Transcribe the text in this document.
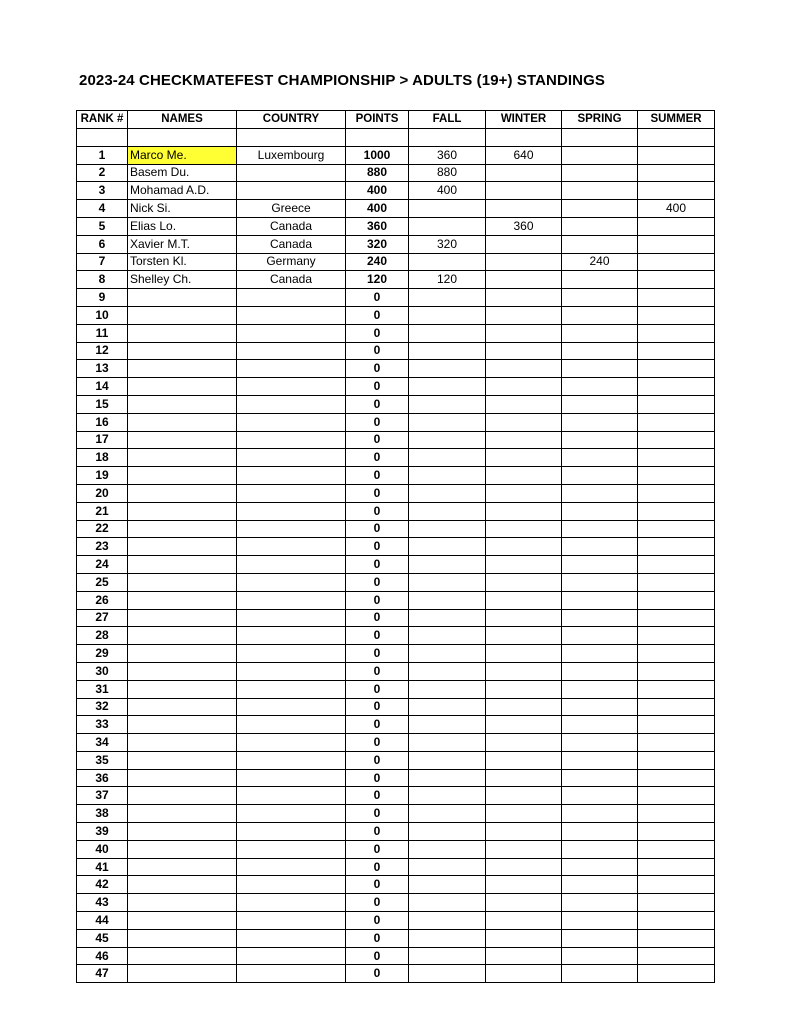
2023-24 CHECKMATEFEST CHAMPIONSHIP > ADULTS (19+) STANDINGS
RANK #	NAMES	COUNTRY	POINTS	FALL	WINTER	SPRING	SUMMER

1	Marco Me.	Luxembourg	1000	360	640		
2	Basem Du.		880	880			
3	Mohamad A.D.		400	400			
4	Nick Si.	Greece	400				400
5	Elias Lo.	Canada	360		360		
6	Xavier M.T.	Canada	320	320			
7	Torsten Kl.	Germany	240			240	
8	Shelley Ch.	Canada	120	120			
9			0				
10			0				
11			0				
12			0				
13			0				
14			0				
15			0				
16			0				
17			0				
18			0				
19			0				
20			0				
21			0				
22			0				
23			0				
24			0				
25			0				
26			0				
27			0				
28			0				
29			0				
30			0				
31			0				
32			0				
33			0				
34			0				
35			0				
36			0				
37			0				
38			0				
39			0				
40			0				
41			0				
42			0				
43			0				
44			0				
45			0				
46			0				
47			0				
